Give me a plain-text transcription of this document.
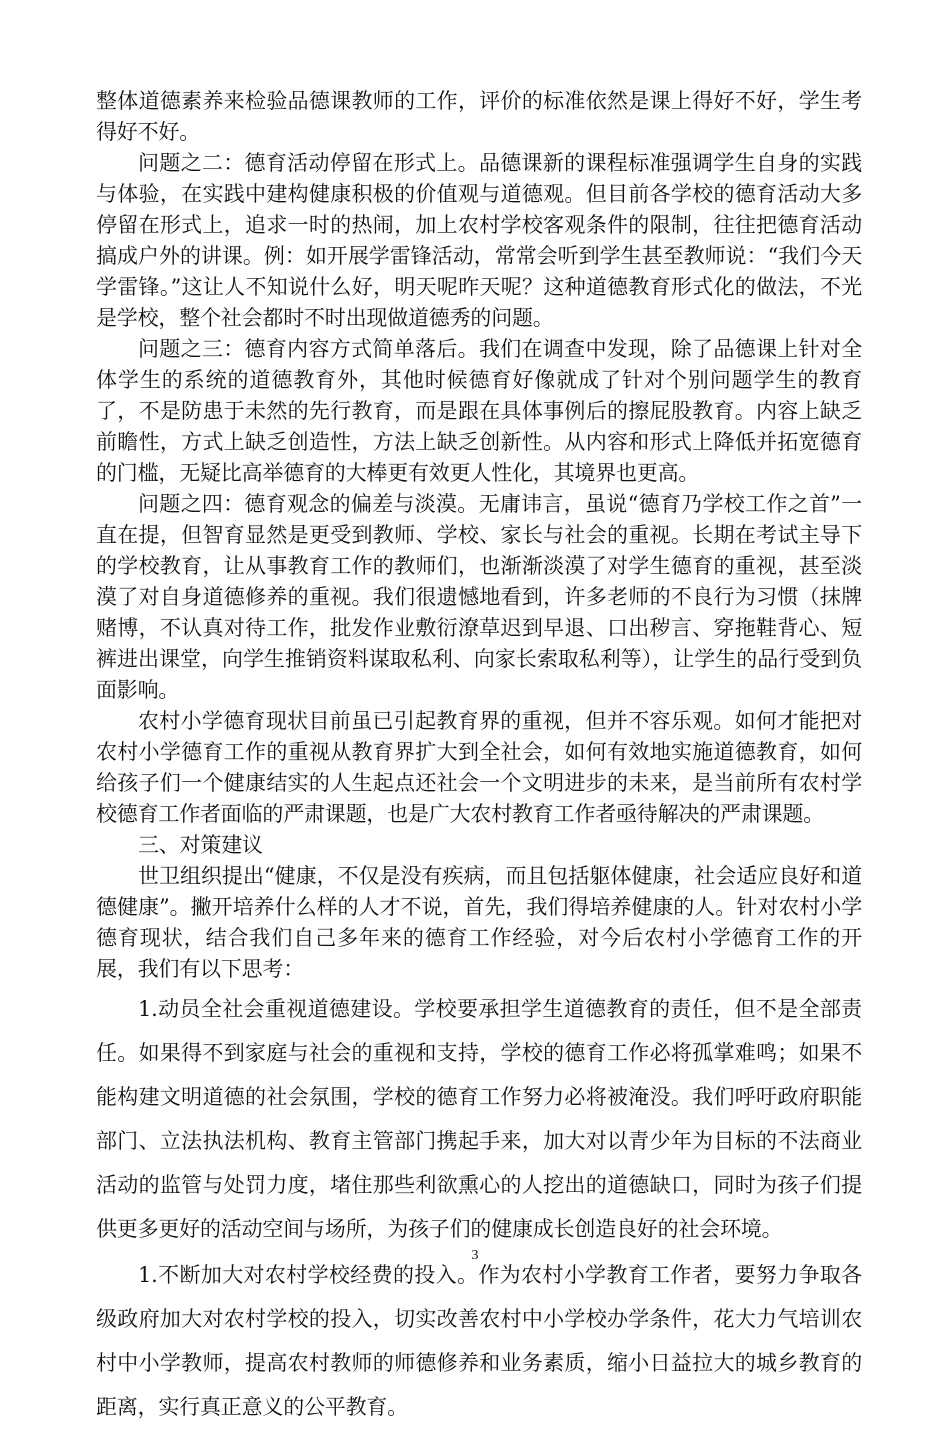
整体道德素养来检验品德课教师的工作，评价的标准依然是课上得好不好，学生考得好不好。

问题之二：德育活动停留在形式上。品德课新的课程标准强调学生自身的实践与体验，在实践中建构健康积极的价值观与道德观。但目前各学校的德育活动大多停留在形式上，追求一时的热闹，加上农村学校客观条件的限制，往往把德育活动搞成户外的讲课。例：如开展学雷锋活动，常常会听到学生甚至教师说：“我们今天学雷锋。”这让人不知说什么好，明天呢昨天呢？这种道德教育形式化的做法，不光是学校，整个社会都时不时出现做道德秀的问题。

问题之三：德育内容方式简单落后。我们在调查中发现，除了品德课上针对全体学生的系统的道德教育外，其他时候德育好像就成了针对个别问题学生的教育了，不是防患于未然的先行教育，而是跟在具体事例后的擦屁股教育。内容上缺乏前瞻性，方式上缺乏创造性，方法上缺乏创新性。从内容和形式上降低并拓宽德育的门槛，无疑比高举德育的大棒更有效更人性化，其境界也更高。

问题之四：德育观念的偏差与淡漠。无庸讳言，虽说“德育乃学校工作之首”一直在提，但智育显然是更受到教师、学校、家长与社会的重视。长期在考试主导下的学校教育，让从事教育工作的教师们，也渐渐淡漠了对学生德育的重视，甚至淡漠了对自身道德修养的重视。我们很遗憾地看到，许多老师的不良行为习惯（抹牌赌博，不认真对待工作，批发作业敷衍潦草迟到早退、口出秽言、穿拖鞋背心、短裤进出课堂，向学生推销资料谋取私利、向家长索取私利等），让学生的品行受到负面影响。

农村小学德育现状目前虽已引起教育界的重视，但并不容乐观。如何才能把对农村小学德育工作的重视从教育界扩大到全社会，如何有效地实施道德教育，如何给孩子们一个健康结实的人生起点还社会一个文明进步的未来，是当前所有农村学校德育工作者面临的严肃课题，也是广大农村教育工作者亟待解决的严肃课题。

三、对策建议

世卫组织提出“健康，不仅是没有疾病，而且包括躯体健康，社会适应良好和道德健康”。撇开培养什么样的人才不说，首先，我们得培养健康的人。针对农村小学德育现状，结合我们自己多年来的德育工作经验，对今后农村小学德育工作的开展，我们有以下思考：

1.动员全社会重视道德建设。学校要承担学生道德教育的责任，但不是全部责任。如果得不到家庭与社会的重视和支持，学校的德育工作必将孤掌难鸣；如果不能构建文明道德的社会氛围，学校的德育工作努力必将被淹没。我们呼吁政府职能部门、立法执法机构、教育主管部门携起手来，加大对以青少年为目标的不法商业活动的监管与处罚力度，堵住那些利欲熏心的人挖出的道德缺口，同时为孩子们提供更多更好的活动空间与场所，为孩子们的健康成长创造良好的社会环境。

1.不断加大对农村学校经费的投入。作为农村小学教育工作者，要努力争取各级政府加大对农村学校的投入，切实改善农村中小学校办学条件，花大力气培训农村中小学教师，提高农村教师的师德修养和业务素质，缩小日益拉大的城乡教育的距离，实行真正意义的公平教育。

3
